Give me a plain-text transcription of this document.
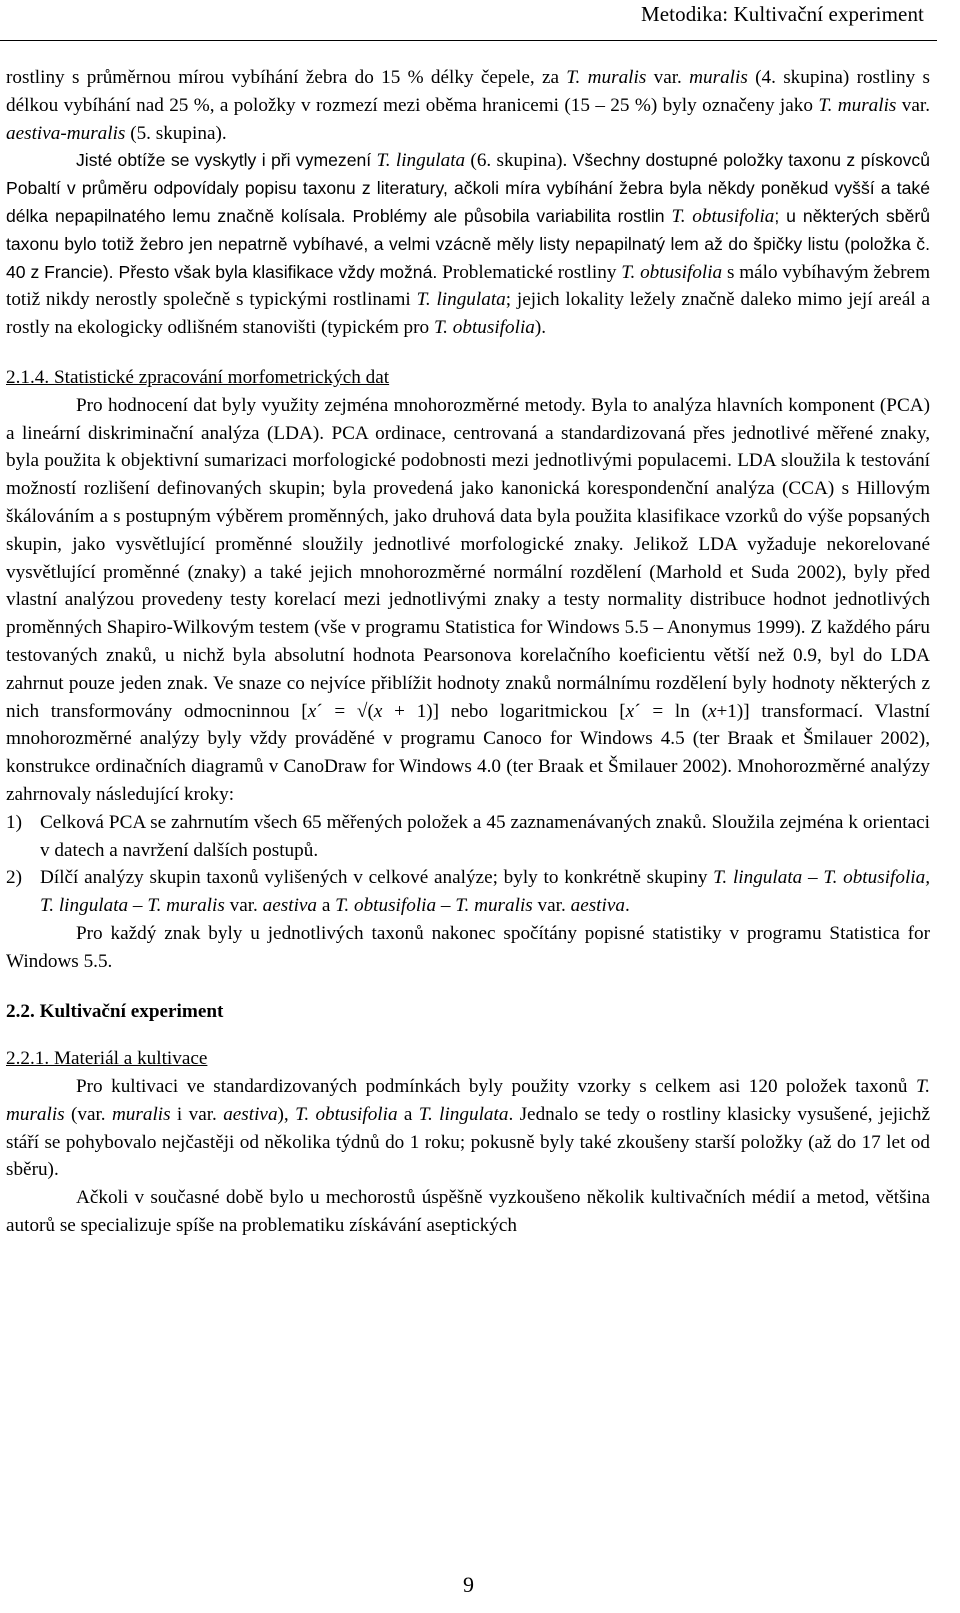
Metodika: Kultivační experiment

rostliny s průměrnou mírou vybíhání žebra do 15 % délky čepele, za T. muralis var. muralis (4. skupina) rostliny s délkou vybíhání nad 25 %, a položky v rozmezí mezi oběma hranicemi (15 – 25 %) byly označeny jako T. muralis var. aestiva-muralis (5. skupina).

Jisté obtíže se vyskytly i při vymezení T. lingulata (6. skupina). Všechny dostupné položky taxonu z pískovců Pobaltí v průměru odpovídaly popisu taxonu z literatury, ačkoli míra vybíhání žebra byla někdy poněkud vyšší a také délka nepapilnatého lemu značně kolísala. Problémy ale působila variabilita rostlin T. obtusifolia; u některých sběrů taxonu bylo totiž žebro jen nepatrně vybíhavé, a velmi vzácně měly listy nepapilnatý lem až do špičky listu (položka č. 40 z Francie). Přesto však byla klasifikace vždy možná. Problematické rostliny T. obtusifolia s málo vybíhavým žebrem totiž nikdy nerostly společně s typickými rostlinami T. lingulata; jejich lokality ležely značně daleko mimo její areál a rostly na ekologicky odlišném stanovišti (typickém pro T. obtusifolia).

2.1.4. Statistické zpracování morfometrických dat

Pro hodnocení dat byly využity zejména mnohorozměrné metody. Byla to analýza hlavních komponent (PCA) a lineární diskriminační analýza (LDA). PCA ordinace, centrovaná a standardizovaná přes jednotlivé měřené znaky, byla použita k objektivní sumarizaci morfologické podobnosti mezi jednotlivými populacemi. LDA sloužila k testování možností rozlišení definovaných skupin; byla provedená jako kanonická korespondenční analýza (CCA) s Hillovým škálováním a s postupným výběrem proměnných, jako druhová data byla použita klasifikace vzorků do výše popsaných skupin, jako vysvětlující proměnné sloužily jednotlivé morfologické znaky. Jelikož LDA vyžaduje nekorelované vysvětlující proměnné (znaky) a také jejich mnohorozměrné normální rozdělení (Marhold et Suda 2002), byly před vlastní analýzou provedeny testy korelací mezi jednotlivými znaky a testy normality distribuce hodnot jednotlivých proměnných Shapiro-Wilkovým testem (vše v programu Statistica for Windows 5.5 – Anonymus 1999). Z každého páru testovaných znaků, u nichž byla absolutní hodnota Pearsonova korelačního koeficientu větší než 0.9, byl do LDA zahrnut pouze jeden znak. Ve snaze co nejvíce přiblížit hodnoty znaků normálnímu rozdělení byly hodnoty některých z nich transformovány odmocninnou [x´ = √(x + 1)] nebo logaritmickou [x´ = ln (x+1)] transformací. Vlastní mnohorozměrné analýzy byly vždy prováděné v programu Canoco for Windows 4.5 (ter Braak et Šmilauer 2002), konstrukce ordinačních diagramů v CanoDraw for Windows 4.0 (ter Braak et Šmilauer 2002). Mnohorozměrné analýzy zahrnovaly následující kroky:

1) Celková PCA se zahrnutím všech 65 měřených položek a 45 zaznamenávaných znaků. Sloužila zejména k orientaci v datech a navržení dalších postupů.
2) Dílčí analýzy skupin taxonů vylišených v celkové analýze; byly to konkrétně skupiny T. lingulata – T. obtusifolia, T. lingulata – T. muralis var. aestiva a T. obtusifolia – T. muralis var. aestiva.

Pro každý znak byly u jednotlivých taxonů nakonec spočítány popisné statistiky v programu Statistica for Windows 5.5.

2.2. Kultivační experiment

2.2.1. Materiál a kultivace

Pro kultivaci ve standardizovaných podmínkách byly použity vzorky s celkem asi 120 položek taxonů T. muralis (var. muralis i var. aestiva), T. obtusifolia a T. lingulata. Jednalo se tedy o rostliny klasicky vysušené, jejichž stáří se pohybovalo nejčastěji od několika týdnů do 1 roku; pokusně byly také zkoušeny starší položky (až do 17 let od sběru).

Ačkoli v současné době bylo u mechorostů úspěšně vyzkoušeno několik kultivačních médií a metod, většina autorů se specializuje spíše na problematiku získávání aseptických

9
